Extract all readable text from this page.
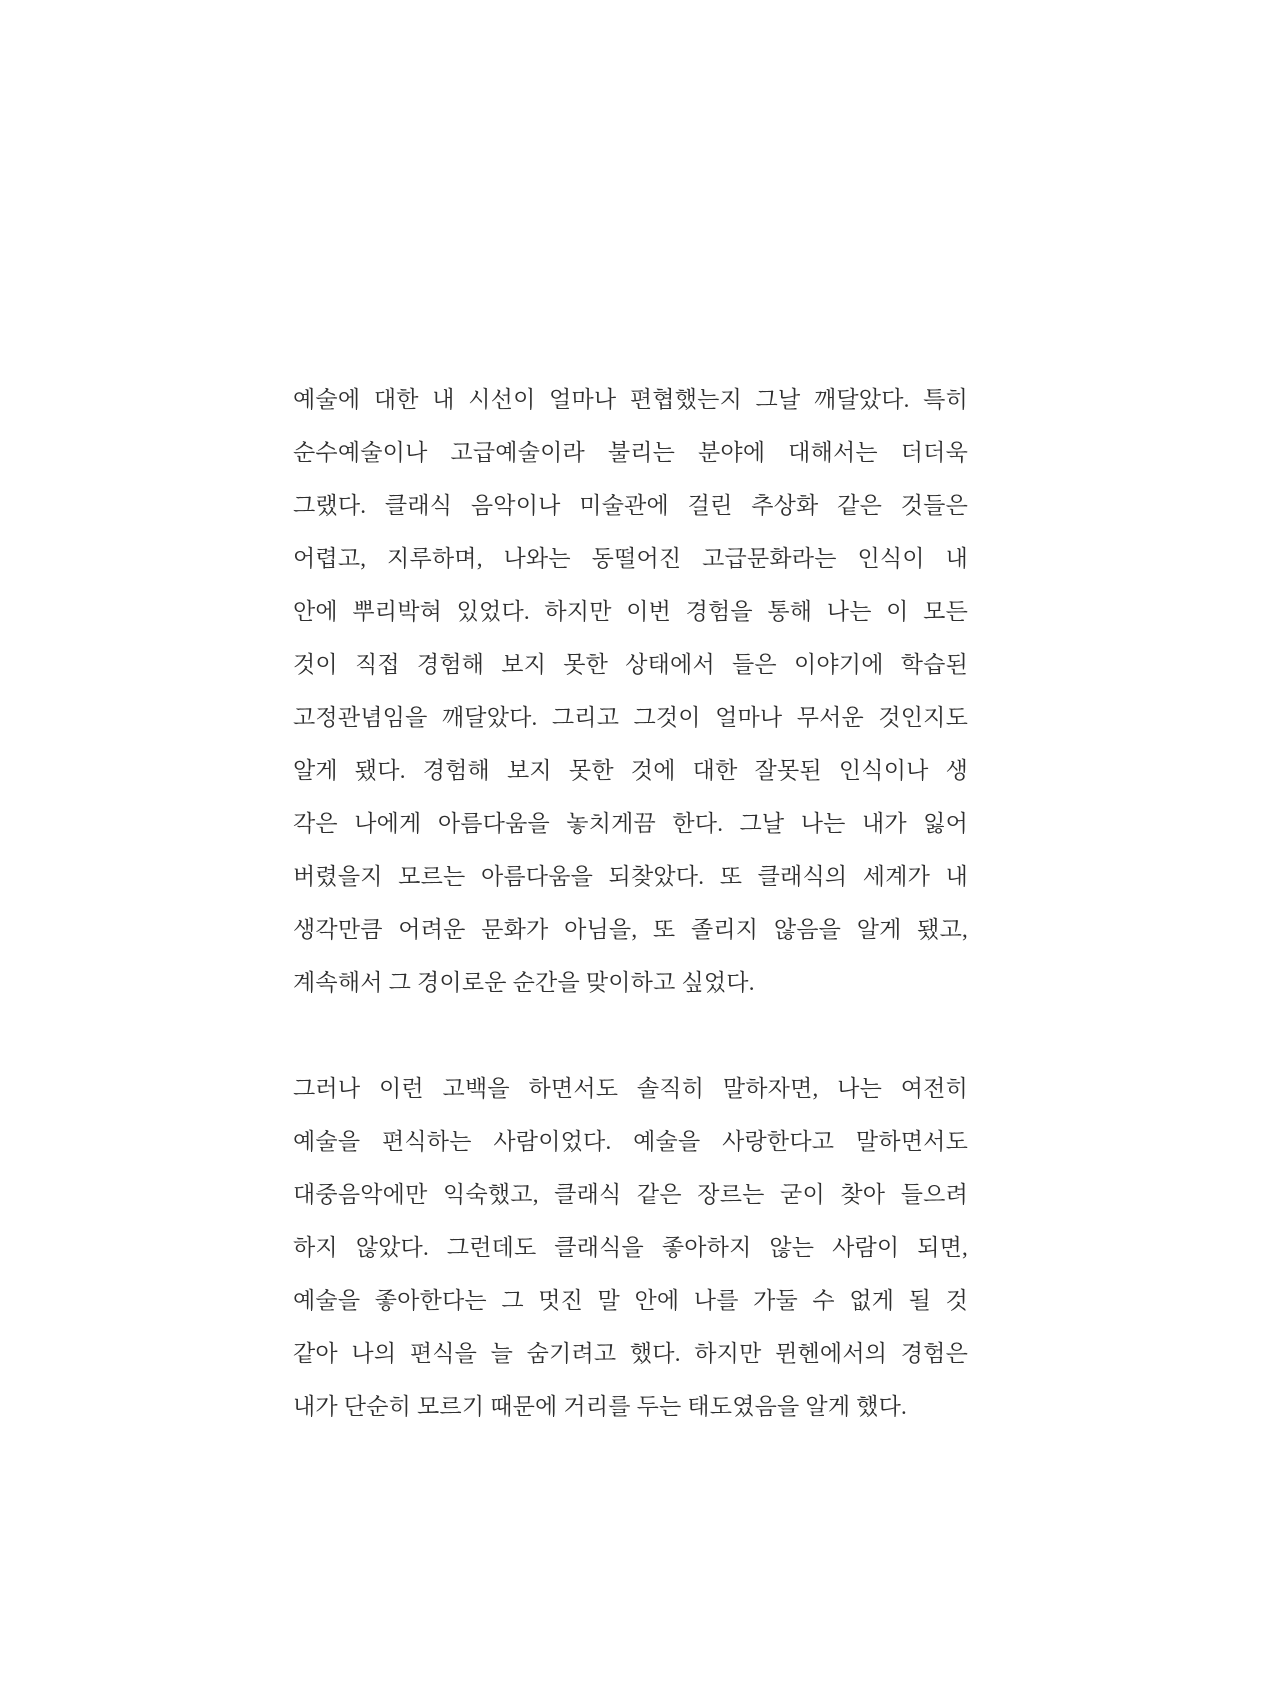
예술에 대한 내 시선이 얼마나 편협했는지 그날 깨달았다. 특히
순수예술이나 고급예술이라 불리는 분야에 대해서는 더더욱
그랬다. 클래식 음악이나 미술관에 걸린 추상화 같은 것들은
어렵고, 지루하며, 나와는 동떨어진 고급문화라는 인식이 내
안에 뿌리박혀 있었다. 하지만 이번 경험을 통해 나는 이 모든
것이 직접 경험해 보지 못한 상태에서 들은 이야기에 학습된
고정관념임을 깨달았다. 그리고 그것이 얼마나 무서운 것인지도
알게 됐다. 경험해 보지 못한 것에 대한 잘못된 인식이나 생
각은 나에게 아름다움을 놓치게끔 한다. 그날 나는 내가 잃어
버렸을지 모르는 아름다움을 되찾았다. 또 클래식의 세계가 내
생각만큼 어려운 문화가 아님을, 또 졸리지 않음을 알게 됐고,
계속해서 그 경이로운 순간을 맞이하고 싶었다.
그러나 이런 고백을 하면서도 솔직히 말하자면, 나는 여전히
예술을 편식하는 사람이었다. 예술을 사랑한다고 말하면서도
대중음악에만 익숙했고, 클래식 같은 장르는 굳이 찾아 들으려
하지 않았다. 그런데도 클래식을 좋아하지 않는 사람이 되면,
예술을 좋아한다는 그 멋진 말 안에 나를 가둘 수 없게 될 것
같아 나의 편식을 늘 숨기려고 했다. 하지만 뮌헨에서의 경험은
내가 단순히 모르기 때문에 거리를 두는 태도였음을 알게 했다.
